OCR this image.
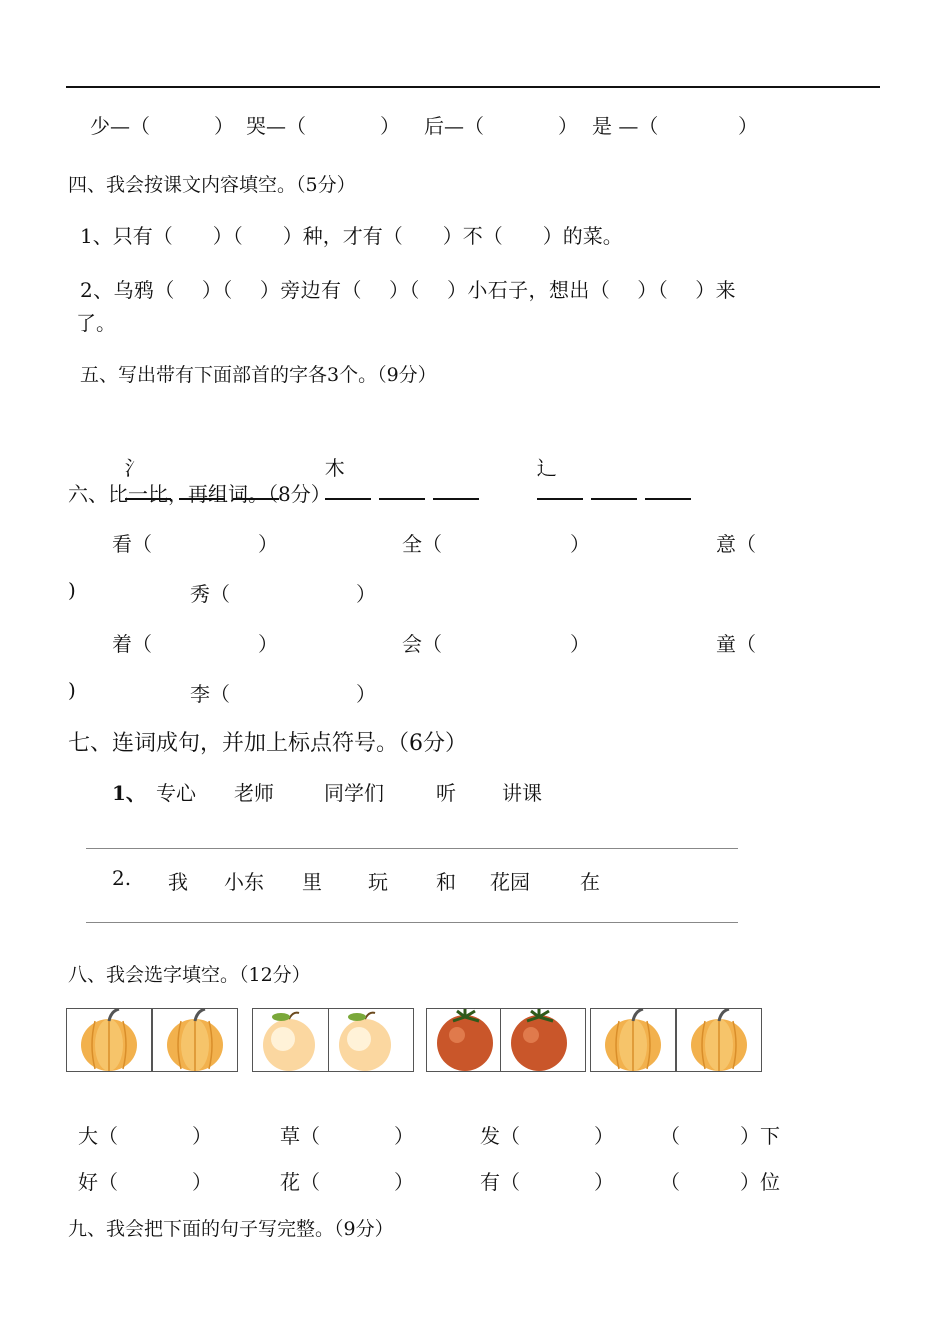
少—（	） 哭—（	） 后—（	） 是 —（	）
四、我会按课文内容填空。（5分）
1、只有（　　）（　　）种，才有（　　）不（　　）的菜。
2、乌鸦（　 ）（　 ）旁边有（　 ）（　 ）小石子，想出（　 ）（　 ）来
了。
五、写出带有下面部首的字各3个。（9分）

氵
	木
	辶

六、比一比，再组词。（8分）
看（	）	全（	）	意（
)	秀（	）
着（	）	会（	）	童（
)	李（	）
七、连词成句，并加上标点符号。（6分）
1、 专心 老师	同学们	听 讲课
2. 我 小东 里 玩 和 花园	在
八、我会选字填空。（12分）
大（	）	草（	）	发（	） （	）下
好（	）	花（	）	有（	） （	）位
九、我会把下面的句子写完整。（9分）
